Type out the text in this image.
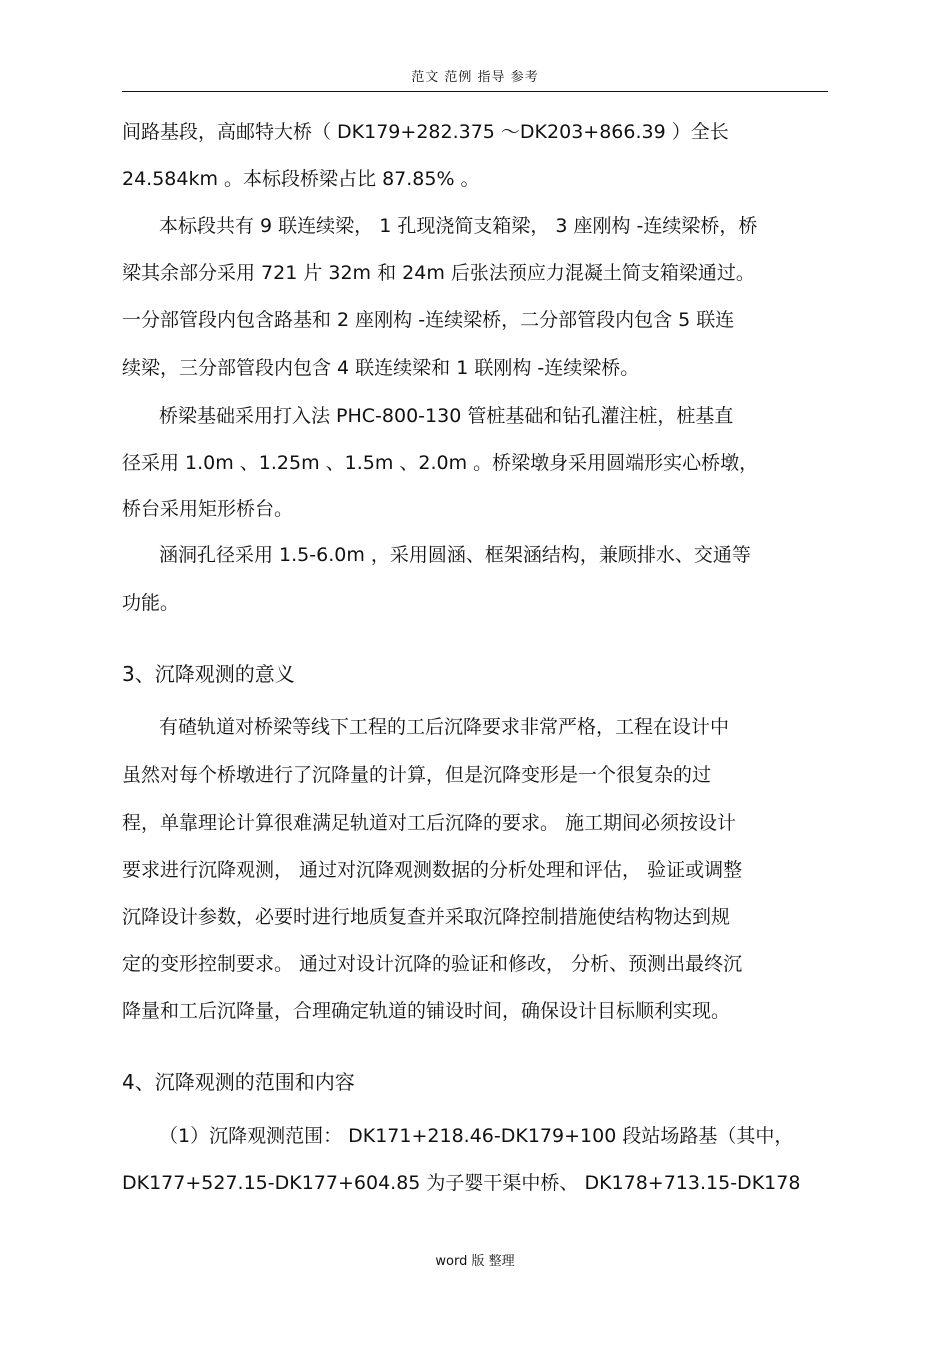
范文 范例 指导 参考
间路基段，高邮特大桥（ DK179+282.375 ～DK203+866.39 ）全长
24.584km 。本标段桥梁占比 87.85% 。
本标段共有 9 联连续梁， 1 孔现浇简支箱梁， 3 座刚构 -连续梁桥，桥
梁其余部分采用 721 片 32m 和 24m 后张法预应力混凝土简支箱梁通过。
一分部管段内包含路基和 2 座刚构 -连续梁桥，二分部管段内包含 5 联连
续梁，三分部管段内包含 4 联连续梁和 1 联刚构 -连续梁桥。
桥梁基础采用打入法 PHC-800-130 管桩基础和钻孔灌注桩，桩基直
径采用 1.0m 、1.25m 、1.5m 、2.0m 。桥梁墩身采用圆端形实心桥墩，
桥台采用矩形桥台。
涵洞孔径采用 1.5-6.0m ，采用圆涵、框架涵结构，兼顾排水、交通等
功能。
3、沉降观测的意义
有碴轨道对桥梁等线下工程的工后沉降要求非常严格，工程在设计中
虽然对每个桥墩进行了沉降量的计算，但是沉降变形是一个很复杂的过
程，单靠理论计算很难满足轨道对工后沉降的要求。 施工期间必须按设计
要求进行沉降观测， 通过对沉降观测数据的分析处理和评估， 验证或调整
沉降设计参数，必要时进行地质复查并采取沉降控制措施使结构物达到规
定的变形控制要求。 通过对设计沉降的验证和修改， 分析、预测出最终沉
降量和工后沉降量，合理确定轨道的铺设时间，确保设计目标顺利实现。
4、沉降观测的范围和内容
（1）沉降观测范围： DK171+218.46-DK179+100 段站场路基（其中，
DK177+527.15-DK177+604.85 为子婴干渠中桥、 DK178+713.15-DK178
word 版 整理
